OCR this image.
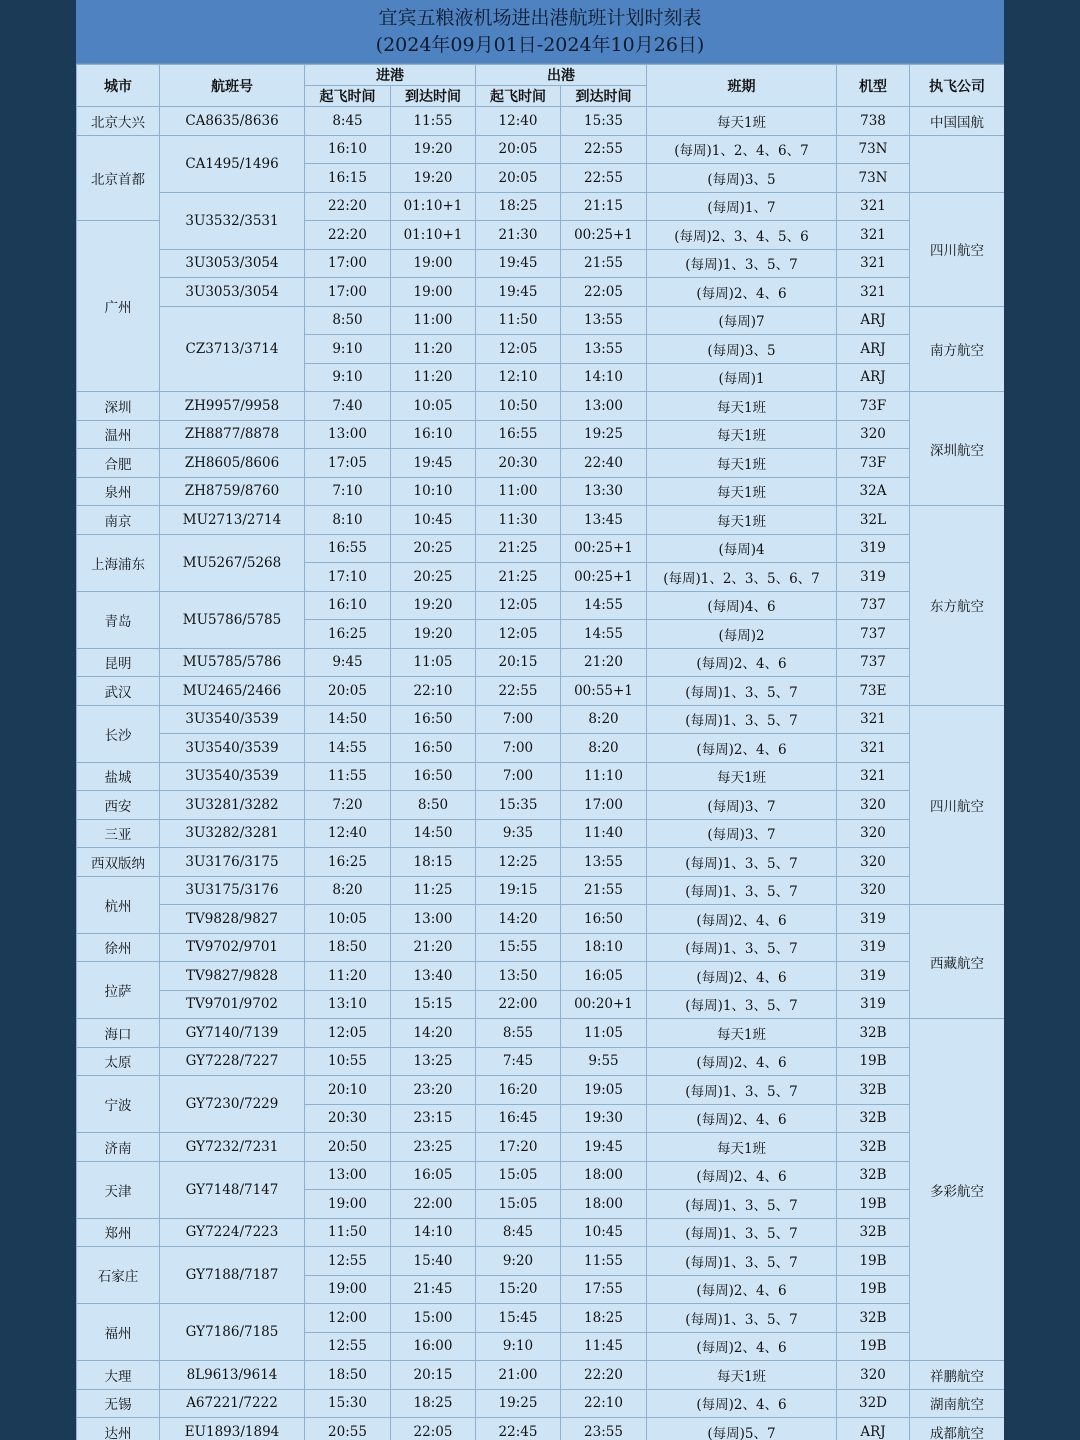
宜宾五粮液机场进出港航班计划时刻表
(2024年09月01日-2024年10月26日)
城市	航班号	进港		出港		班期	机型	执飞公司
		起飞时间	到达时间	起飞时间	到达时间			
北京大兴	CA8635/8636	8:45	11:55	12:40	15:35	每天1班	738	中国国航
北京首都	CA1495/1496	16:10	19:20	20:05	22:55	(每周)1、2、4、6、7	73N	
		16:15	19:20	20:05	22:55	(每周)3、5	73N	
	3U3532/3531	22:20	01:10+1	18:25	21:15	(每周)1、7	321	四川航空
广州		22:20	01:10+1	21:30	00:25+1	(每周)2、3、4、5、6	321	
	3U3053/3054	17:00	19:00	19:45	21:55	(每周)1、3、5、7	321	
	3U3053/3054	17:00	19:00	19:45	22:05	(每周)2、4、6	321	
	CZ3713/3714	8:50	11:00	11:50	13:55	(每周)7	ARJ	南方航空
		9:10	11:20	12:05	13:55	(每周)3、5	ARJ	
		9:10	11:20	12:10	14:10	(每周)1	ARJ	
深圳	ZH9957/9958	7:40	10:05	10:50	13:00	每天1班	73F	深圳航空
温州	ZH8877/8878	13:00	16:10	16:55	19:25	每天1班	320	
合肥	ZH8605/8606	17:05	19:45	20:30	22:40	每天1班	73F	
泉州	ZH8759/8760	7:10	10:10	11:00	13:30	每天1班	32A	
南京	MU2713/2714	8:10	10:45	11:30	13:45	每天1班	32L	东方航空
上海浦东	MU5267/5268	16:55	20:25	21:25	00:25+1	(每周)4	319	
		17:10	20:25	21:25	00:25+1	(每周)1、2、3、5、6、7	319	
青岛	MU5786/5785	16:10	19:20	12:05	14:55	(每周)4、6	737	
		16:25	19:20	12:05	14:55	(每周)2	737	
昆明	MU5785/5786	9:45	11:05	20:15	21:20	(每周)2、4、6	737	
武汉	MU2465/2466	20:05	22:10	22:55	00:55+1	(每周)1、3、5、7	73E	
长沙	3U3540/3539	14:50	16:50	7:00	8:20	(每周)1、3、5、7	321	四川航空
	3U3540/3539	14:55	16:50	7:00	8:20	(每周)2、4、6	321	
盐城	3U3540/3539	11:55	16:50	7:00	11:10	每天1班	321	
西安	3U3281/3282	7:20	8:50	15:35	17:00	(每周)3、7	320	
三亚	3U3282/3281	12:40	14:50	9:35	11:40	(每周)3、7	320	
西双版纳	3U3176/3175	16:25	18:15	12:25	13:55	(每周)1、3、5、7	320	
杭州	3U3175/3176	8:20	11:25	19:15	21:55	(每周)1、3、5、7	320	
	TV9828/9827	10:05	13:00	14:20	16:50	(每周)2、4、6	319	西藏航空
徐州	TV9702/9701	18:50	21:20	15:55	18:10	(每周)1、3、5、7	319	
拉萨	TV9827/9828	11:20	13:40	13:50	16:05	(每周)2、4、6	319	
	TV9701/9702	13:10	15:15	22:00	00:20+1	(每周)1、3、5、7	319	
海口	GY7140/7139	12:05	14:20	8:55	11:05	每天1班	32B	多彩航空
太原	GY7228/7227	10:55	13:25	7:45	9:55	(每周)2、4、6	19B	
宁波	GY7230/7229	20:10	23:20	16:20	19:05	(每周)1、3、5、7	32B	
		20:30	23:15	16:45	19:30	(每周)2、4、6	32B	
济南	GY7232/7231	20:50	23:25	17:20	19:45	每天1班	32B	
天津	GY7148/7147	13:00	16:05	15:05	18:00	(每周)2、4、6	32B	
		19:00	22:00	15:05	18:00	(每周)1、3、5、7	19B	
郑州	GY7224/7223	11:50	14:10	8:45	10:45	(每周)1、3、5、7	32B	
石家庄	GY7188/7187	12:55	15:40	9:20	11:55	(每周)1、3、5、7	19B	
		19:00	21:45	15:20	17:55	(每周)2、4、6	19B	
福州	GY7186/7185	12:00	15:00	15:45	18:25	(每周)1、3、5、7	32B	
		12:55	16:00	9:10	11:45	(每周)2、4、6	19B	
大理	8L9613/9614	18:50	20:15	21:00	22:20	每天1班	320	祥鹏航空
无锡	A67221/7222	15:30	18:25	19:25	22:10	(每周)2、4、6	32D	湖南航空
达州	EU1893/1894	20:55	22:05	22:45	23:55	(每周)5、7	ARJ	成都航空
